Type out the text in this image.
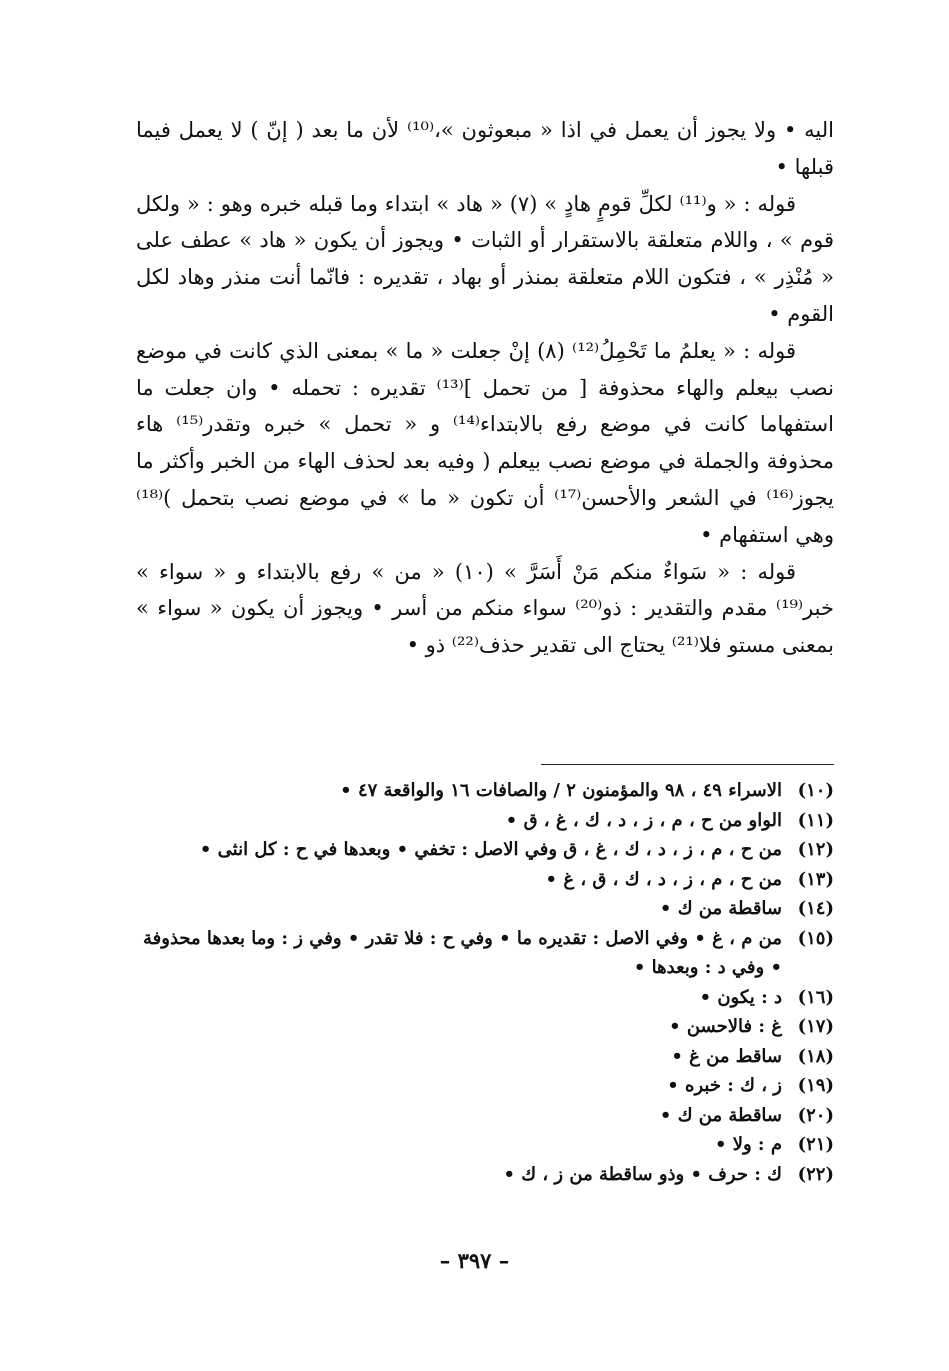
اليه • ولا يجوز أن يعمل في اذا « مبعوثون »،⁽¹⁰⁾ لأن ما بعد ( إنّ ) لا يعمل فيما قبلها •

قوله : « و⁽¹¹⁾ لكلِّ قومٍ هادٍ » (٧) « هاد » ابتداء وما قبله خبره وهو : « ولكل قوم » ، واللام متعلقة بالاستقرار أو الثبات • ويجوز أن يكون « هاد » عطف على « مُنْذِر » ، فتكون اللام متعلقة بمنذر أو بهاد ، تقديره : فانّما أنت منذر وهاد لكل القوم •

قوله : « يعلمُ ما تَحْمِلُ⁽¹²⁾ (٨) إنْ جعلت « ما » بمعنى الذي كانت في موضع نصب بيعلم والهاء محذوفة [ من تحمل ]⁽¹³⁾ تقديره : تحمله • وان جعلت ما استفهاما كانت في موضع رفع بالابتداء⁽¹⁴⁾ و « تحمل » خبره وتقدر⁽¹⁵⁾ هاء محذوفة والجملة في موضع نصب بيعلم ( وفيه بعد لحذف الهاء من الخبر وأكثر ما يجوز⁽¹⁶⁾ في الشعر والأحسن⁽¹⁷⁾ أن تكون « ما » في موضع نصب بتحمل )⁽¹⁸⁾ وهي استفهام •

قوله : « سَواءٌ منكم مَنْ أَسَرَّ » (١٠) « من » رفع بالابتداء و « سواء » خبر⁽¹⁹⁾ مقدم والتقدير : ذو⁽²⁰⁾ سواء منكم من أسر • ويجوز أن يكون « سواء » بمعنى مستو فلا⁽²¹⁾ يحتاج الى تقدير حذف⁽²²⁾ ذو •

(١٠)
الاسراء ٤٩ ، ٩٨ والمؤمنون ٢ / والصافات ١٦ والواقعة ٤٧ •
(١١)
الواو من ح ، م ، ز ، د ، ك ، غ ، ق •
(١٢)
من ح ، م ، ز ، د ، ك ، غ ، ق وفي الاصل : تخفي • وبعدها في ح : كل انثى •
(١٣)
من ح ، م ، ز ، د ، ك ، ق ، غ •
(١٤)
ساقطة من ك •
(١٥)
من م ، غ • وفي الاصل : تقديره ما • وفي ح : فلا تقدر • وفي ز : وما بعدها محذوفة • وفي د : وبعدها •
(١٦)
د : يكون •
(١٧)
غ : فالاحسن •
(١٨)
ساقط من غ •
(١٩)
ز ، ك : خبره •
(٢٠)
ساقطة من ك •
(٢١)
م : ولا •
(٢٢)
ك : حرف • وذو ساقطة من ز ، ك •
– ٣٩٧ –
